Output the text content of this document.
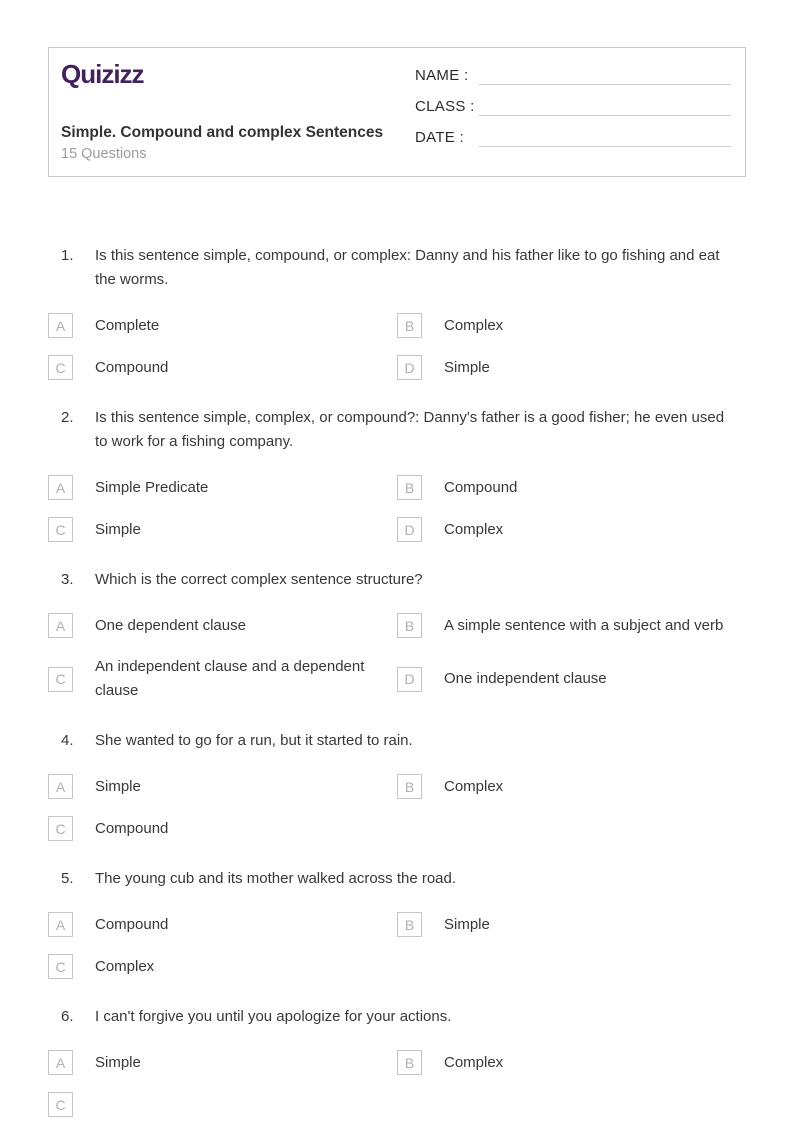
Quizizz
Simple. Compound and complex Sentences
15 Questions
NAME :
CLASS :
DATE :
1.	Is this sentence simple, compound, or complex: Danny and his father like to go fishing and eat the worms.
A	Complete	B	Complex
C	Compound	D	Simple
2.	Is this sentence simple, complex, or compound?: Danny's father is a good fisher; he even used to work for a fishing company.
A	Simple Predicate	B	Compound
C	Simple	D	Complex
3.	Which is the correct complex sentence structure?
A	One dependent clause	B	A simple sentence with a subject and verb
C
An independent clause and a dependent clause
D	One independent clause
4.	She wanted to go for a run, but it started to rain.
A	Simple	B	Complex
C	Compound
5.	The young cub and its mother walked across the road.
A	Compound	B	Simple
C	Complex
6.	I can't forgive you until you apologize for your actions.
A	Simple	B	Complex
C
